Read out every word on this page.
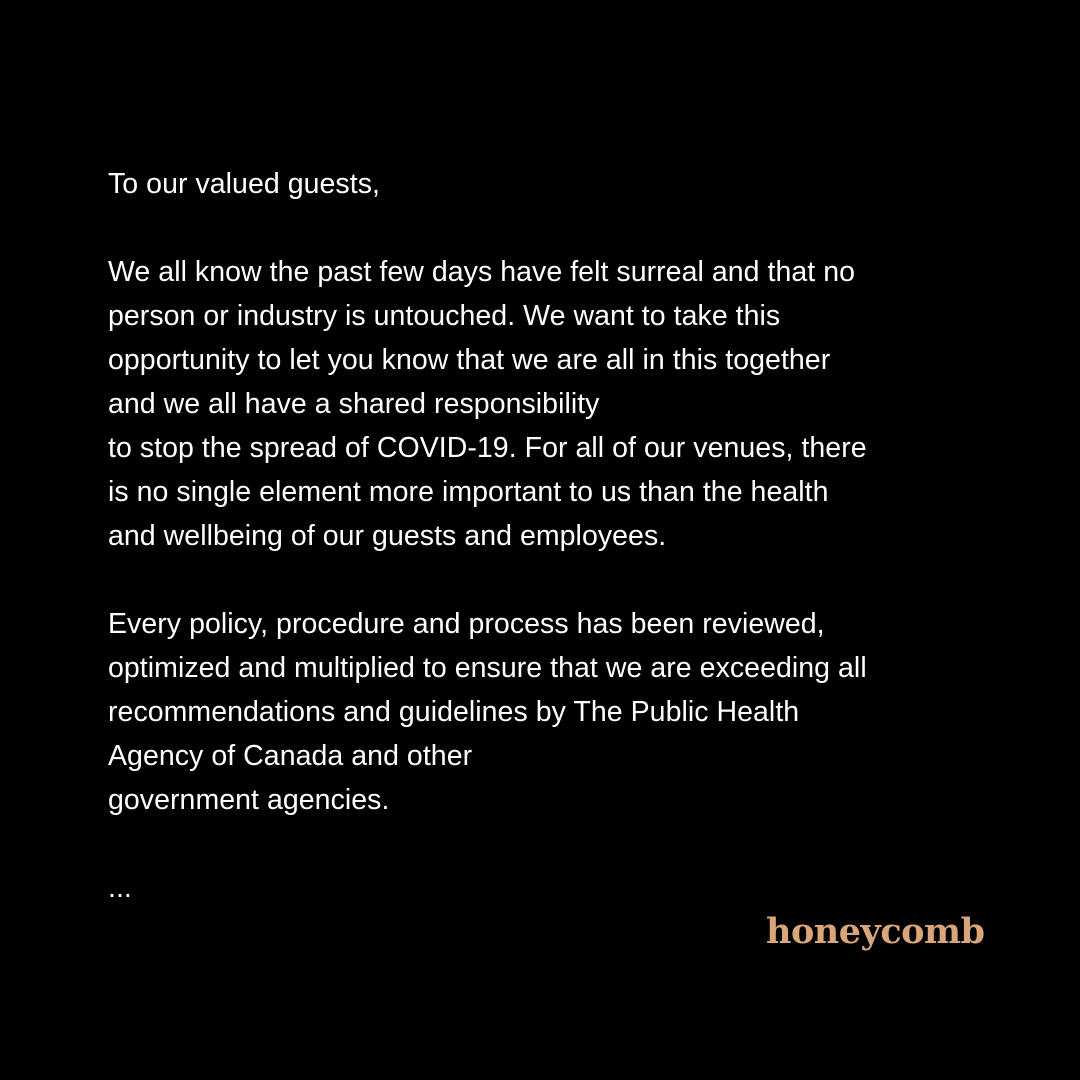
To our valued guests,
We all know the past few days have felt surreal and that no
person or industry is untouched. We want to take this
opportunity to let you know that we are all in this together
and we all have a shared responsibility
to stop the spread of COVID-19. For all of our venues, there
is no single element more important to us than the health
and wellbeing of our guests and employees.
Every policy, procedure and process has been reviewed,
optimized and multiplied to ensure that we are exceeding all
recommendations and guidelines by The Public Health
Agency of Canada and other
government agencies.
...
honeycomb
